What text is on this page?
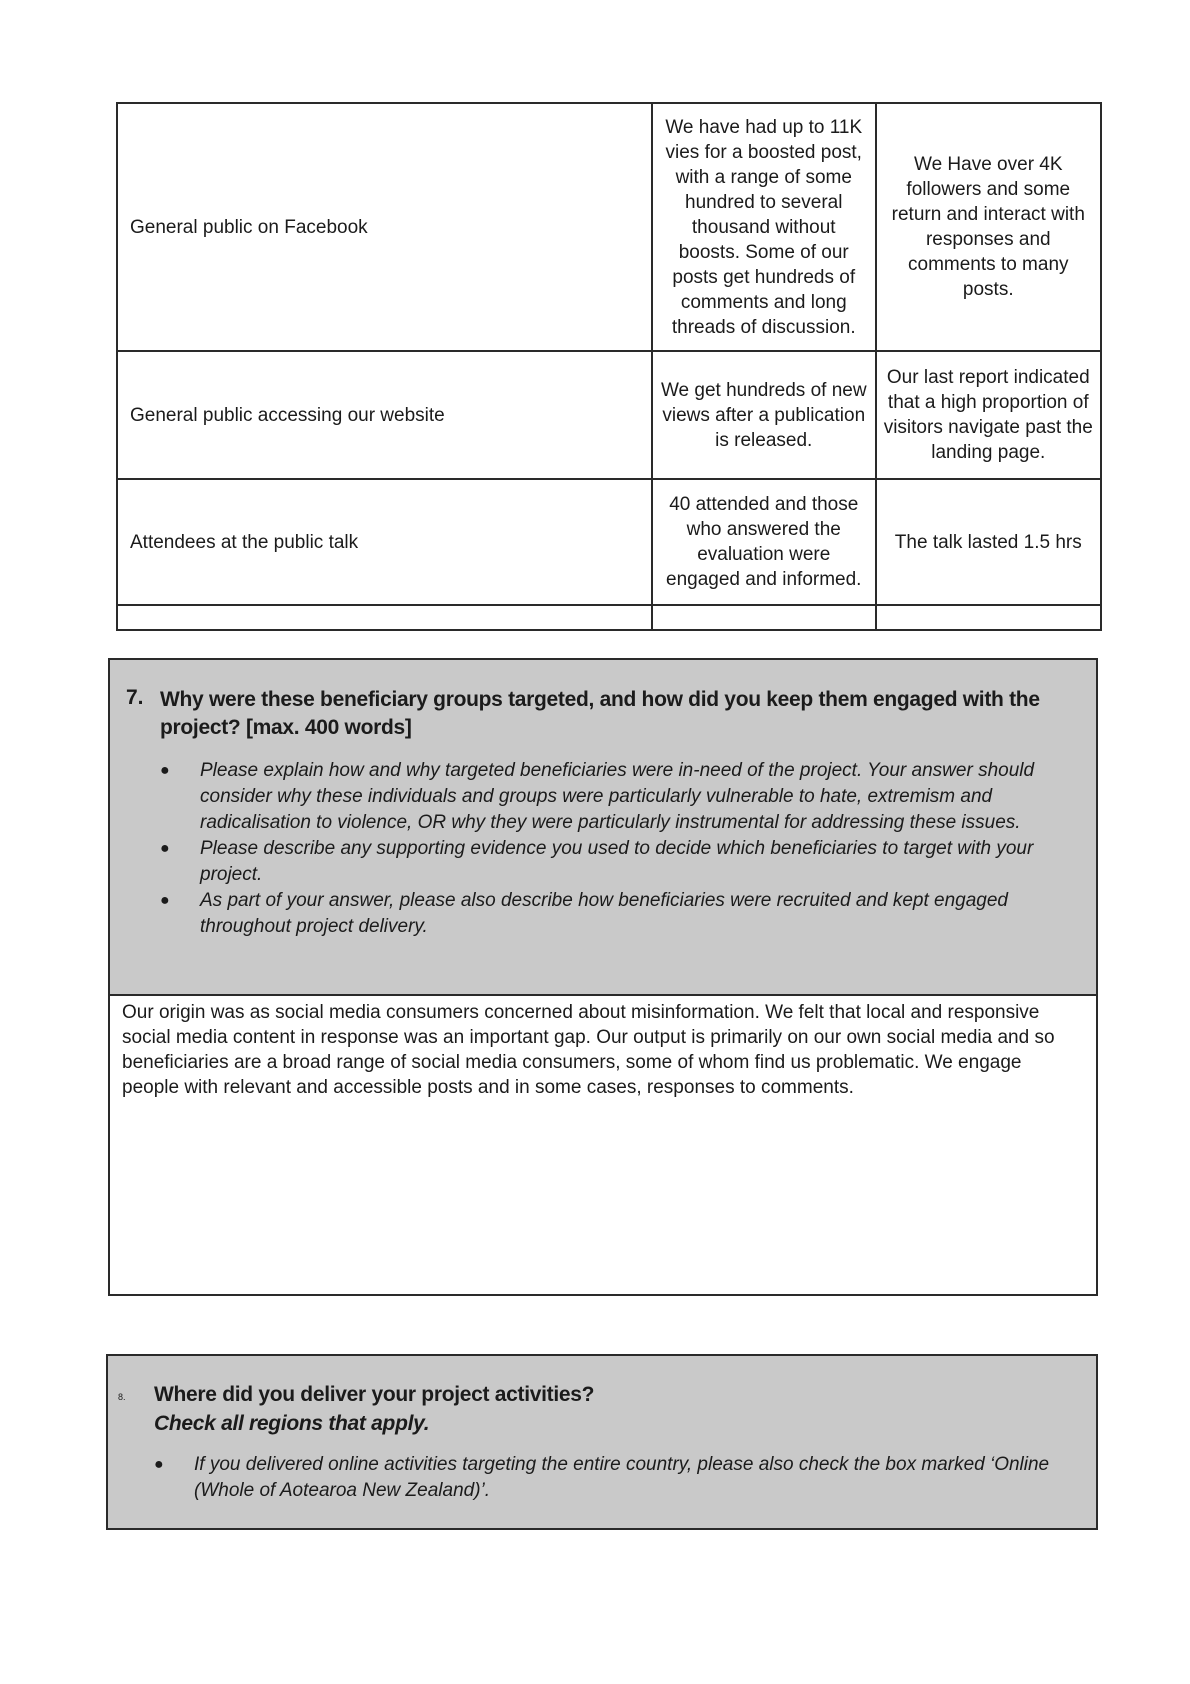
General public on Facebook	We have had up to 11K vies for a boosted post, with a range of some hundred to several thousand without boosts. Some of our posts get hundreds of comments and long threads of discussion.	We Have over 4K followers and some return and interact with responses and comments to many posts.

General public accessing our website	We get hundreds of new views after a publication is released.	Our last report indicated that a high proportion of visitors navigate past the landing page.

Attendees at the public talk	40 attended and those who answered the evaluation were engaged and informed.	The talk lasted 1.5 hrs

7. Why were these beneficiary groups targeted, and how did you keep them engaged with the project? [max. 400 words]
● Please explain how and why targeted beneficiaries were in-need of the project. Your answer should consider why these individuals and groups were particularly vulnerable to hate, extremism and radicalisation to violence, OR why they were particularly instrumental for addressing these issues.
● Please describe any supporting evidence you used to decide which beneficiaries to target with your project.
● As part of your answer, please also describe how beneficiaries were recruited and kept engaged throughout project delivery.
Our origin was as social media consumers concerned about misinformation. We felt that local and responsive social media content in response was an important gap. Our output is primarily on our own social media and so beneficiaries are a broad range of social media consumers, some of whom find us problematic. We engage people with relevant and accessible posts and in some cases, responses to comments.
8. Where did you deliver your project activities?
Check all regions that apply.
● If you delivered online activities targeting the entire country, please also check the box marked ‘Online (Whole of Aotearoa New Zealand)’.
